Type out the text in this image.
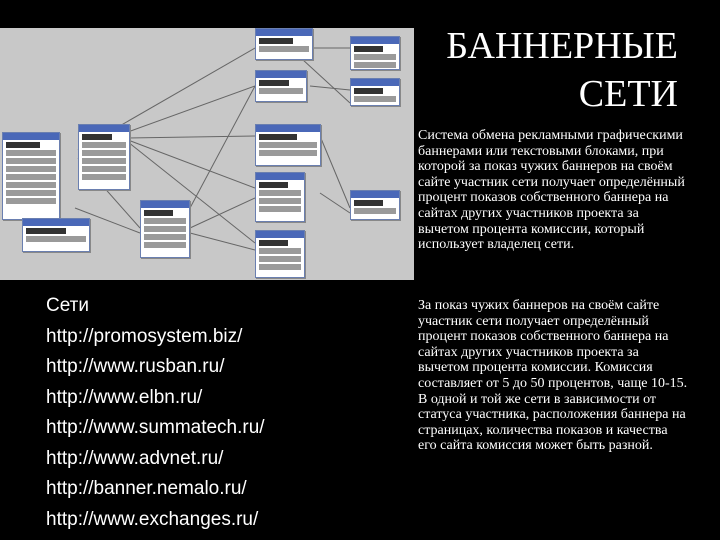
БАННЕРНЫЕ
СЕТИ
Система обмена рекламными графическими баннерами или текстовыми блоками, при которой за показ чужих баннеров на своём сайте участник сети получает определённый процент показов собственного баннера на сайтах других участников проекта за вычетом процента комиссии, который использует владелец сети.
За показ чужих баннеров на своём сайте участник сети получает определённый процент показов собственного баннера на сайтах других участников проекта за вычетом процента комиссии. Комиссия составляет от 5 до 50 процентов, чаще 10-15. В одной и той же сети в зависимости от статуса участника, расположения баннера на страницах, количества показов и качества его сайта комиссия может быть разной.
Сети
http://promosystem.biz/
http://www.rusban.ru/
http://www.elbn.ru/
http://www.summatech.ru/
http://www.advnet.ru/
http://banner.nemalo.ru/
http://www.exchanges.ru/
